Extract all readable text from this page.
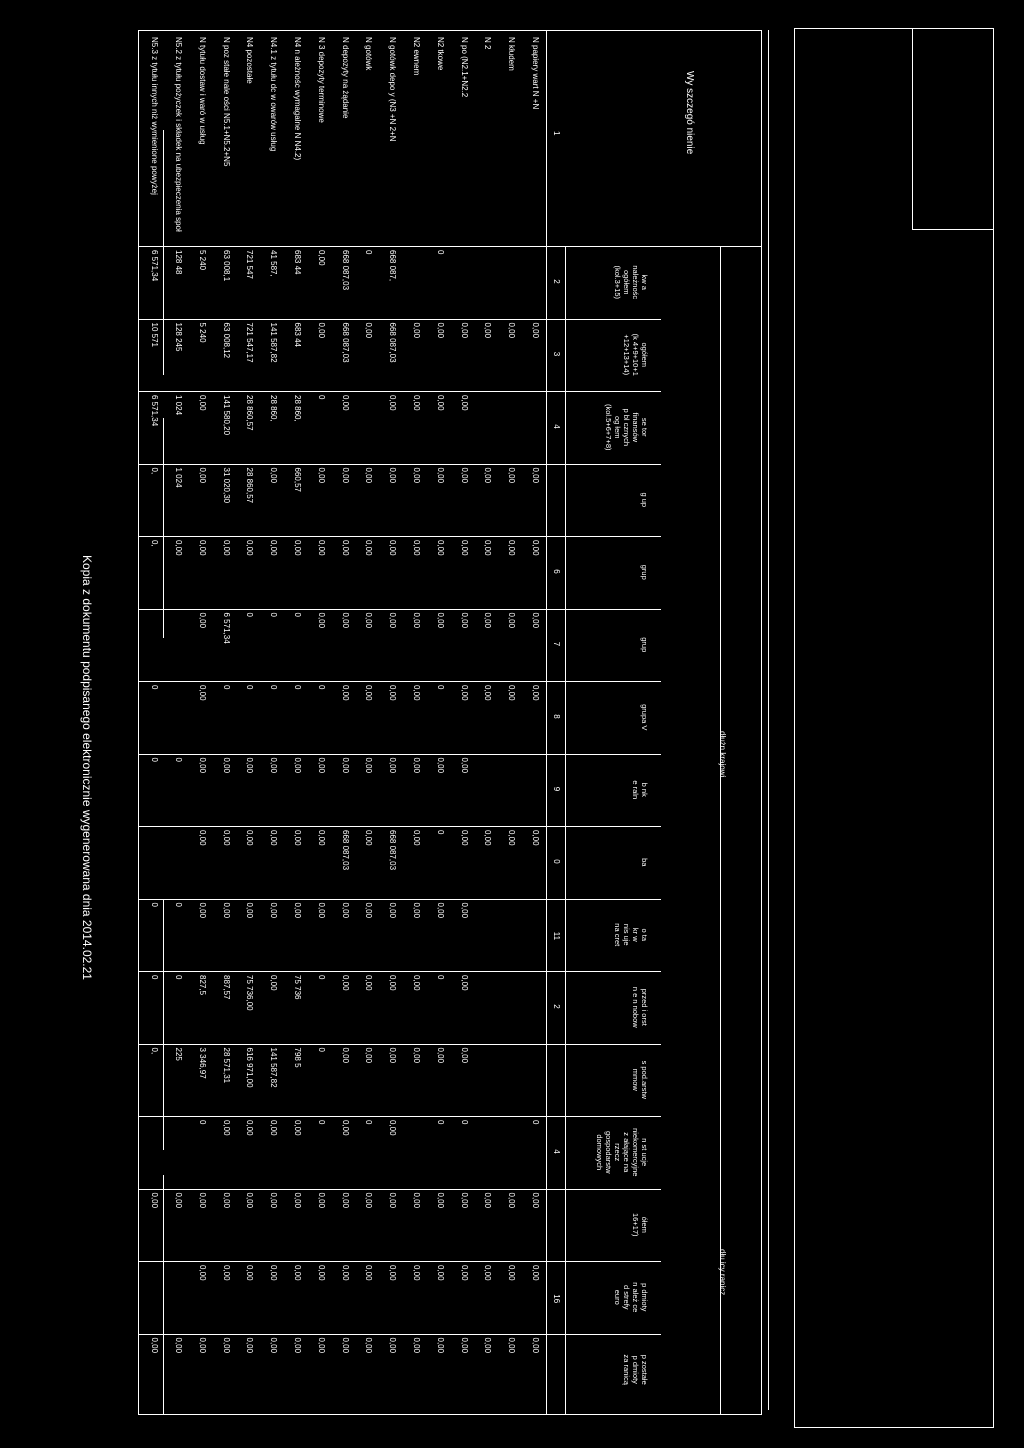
Wy szczegó nienie
dłużn krajowi
dłu icy ranicz
kw a
należnośc
ogółem
(kol.3+15)
2
ogółem
(k 4+9+10+1
+12+13+14)
3
se tor
finansów
p bl cznych
og łem
(kol.5+6+7+8)
4
g up
grup
6
grup
7
grupa V
8
b nk
e raln
9
ba
0
o ta
kr w
nis uje
na cret
11
przed i orst
n e n nobow
2
s pod.arstw
mmow
n st ucje
niekomercyjne
z ałające na
rzecz
gospodarstw
domowych
4
ółem
16+17)
p dmioty
n ależ ce
d strefy
euro
16
p zostałe
p dmioty
za ranicą
1
N papiery wart N +N
0,00
0,00
0,00
0,00
0,00
0,00
0
0,00
0,00
0,00
N kłudem
0,00
0,00
0,00
0,00
0,00
0,00
0,00
0,00
0,00
N 2
0,00
0,00
0,00
0,00
0,00
0,00
0,00
0,00
0,00
N po (N2.1+N2.2
0,00
0,00
0,00
0,00
0,00
0,00
0,00
0,00
0,00
0,00
0,00
0
0,00
0,00
0,00
N2 tkowe
0
0,00
0,00
0,00
0,00
0,00
0
0,00
0
0,00
0
0,00
0
0,00
0,00
0,00
N2 ewnem
0,00
0,00
0,00
0,00
0,00
0,00
0,00
0,00
0,00
0,00
0,00
0,00
0,00
0,00
N gotówk depo y (N3 +N 2+N
668 087,
668 087,03
0,00
0,00
0,00
0,00
0,00
0,00
668 087,03
0,00
0,00
0,00
0,00
0,00
0,00
0,00
N gotówk
0
0,00
0,00
0,00
0,00
0,00
0,00
0,00
0,00
0,00
0,00
0
0,00
0,00
0,00
N depozyty na żądanie
668 087,03
668 087,03
0,00
0,00
0,00
0,00
0,00
0,00
668 087,03
0,00
0,00
0,00
0,00
0,00
0,00
0,00
N 3 depozyty terminowe
0,00
0,00
0
0,00
0,00
0,00
0
0,00
0,00
0,00
0
0
0
0,00
0,00
0,00
N4 n ależnośc wymagalne N N4.2)
683 44
683 44
28 860,
660,57
0,00
0
0
0,00
0,00
0,00
75 736
798 5
0,00
0,00
0,00
0,00
N4.1 z tytułu dc w owarów usług
41 587,
141 587,82
28 860,
0,00
0,00
0
0
0,00
0,00
0,00
0,00
141 587,82
0,00
0,00
0,00
0,00
N4 pozostałe
721 547
721 547,17
28 860,57
28 860,57
0,00
0
0
0,00
0,00
0,00
75 736,00
616 971,00
0,00
0,00
0,00
0,00
N poz stałe nale ości N5.1+N5.2+N5
63 008,1
63 008,12
141 580,20
31 020,30
0,00
6 571,34
0
0,00
0,00
0,00
887,57
28 571,31
0,00
0,00
0,00
0,00
N tytułu dostaw i waró w usług
5 240
5 240
0,00
0,00
0,00
0,00
0,00
0,00
0,00
0,00
827,5
3 346,97
0
0,00
0,00
0,00
N5.2 z tytułu pożyczek i składek na ubezpieczenia społ
128 48
128 245
1 024
1 024
0,00
0
0
0
225
0,00
0,00
N5.3 z tytułu innych niż wymienione powyżej
6 571,34
10 571
6 571,34
0,
0,
0
0
0
0
0,
0,00
0,00
Kopia z dokumentu podpisanego elektronicznie wygenerowana dnia 2014.02.21
